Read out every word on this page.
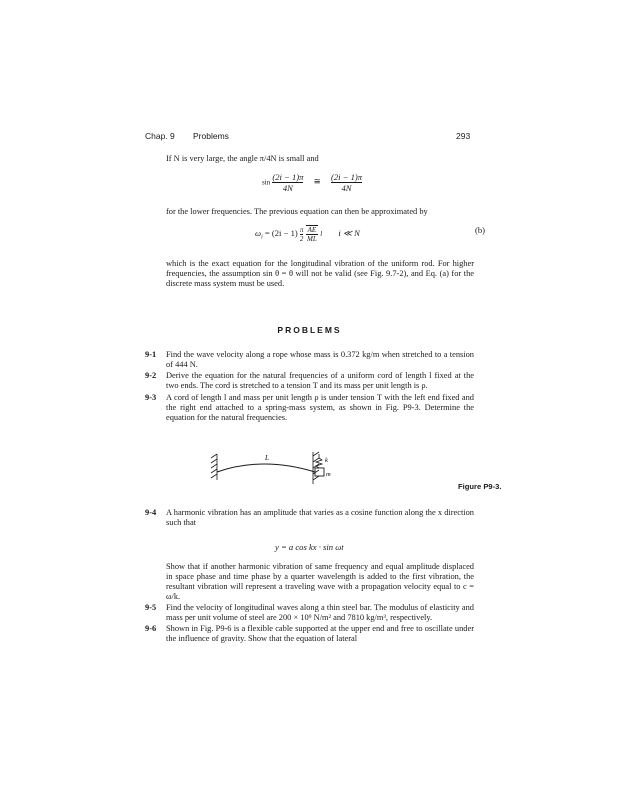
Chap. 9 Problems	293
If N is very large, the angle π/4N is small and
$\sin \frac{(2i - 1)\pi}{4N}$ ≅ $\frac{(2i - 1)\pi}{4N}$
for the lower frequencies. The previous equation can then be approximated by
$\omega_i = (2i - 1) \frac{\pi}{2}$
$\frac{AE}{ML}$ l i ≪ N	(b)
which is the exact equation for the longitudinal vibration of the uniform rod. For higher frequencies, the assumption sin θ = θ will not be valid (see Fig. 9.7-2), and Eq. (a) for the discrete mass system must be used.
PROBLEMS
9-1 Find the wave velocity along a rope whose mass is 0.372 kg/m when stretched to a tension of 444 N.
9-2 Derive the equation for the natural frequencies of a uniform cord of length l fixed at the two ends. The cord is stretched to a tension T and its mass per unit length is ρ.
9-3 A cord of length l and mass per unit length ρ is under tension T with the left end fixed and the right end attached to a spring-mass system, as shown in Fig. P9-3. Determine the equation for the natural frequencies.
L	k
m
Figure P9-3.
9-4 A harmonic vibration has an amplitude that varies as a cosine function along the x direction such that
y = a cos kx · sin ωt
Show that if another harmonic vibration of same frequency and equal amplitude displaced in space phase and time phase by a quarter wavelength is added to the first vibration, the resultant vibration will represent a traveling wave with a propagation velocity equal to c = ω/k.
9-5 Find the velocity of longitudinal waves along a thin steel bar. The modulus of elasticity and mass per unit volume of steel are 200 × 10⁹ N/m² and 7810 kg/m³, respectively.
9-6 Shown in Fig. P9-6 is a flexible cable supported at the upper end and free to oscillate under the influence of gravity. Show that the equation of lateral
